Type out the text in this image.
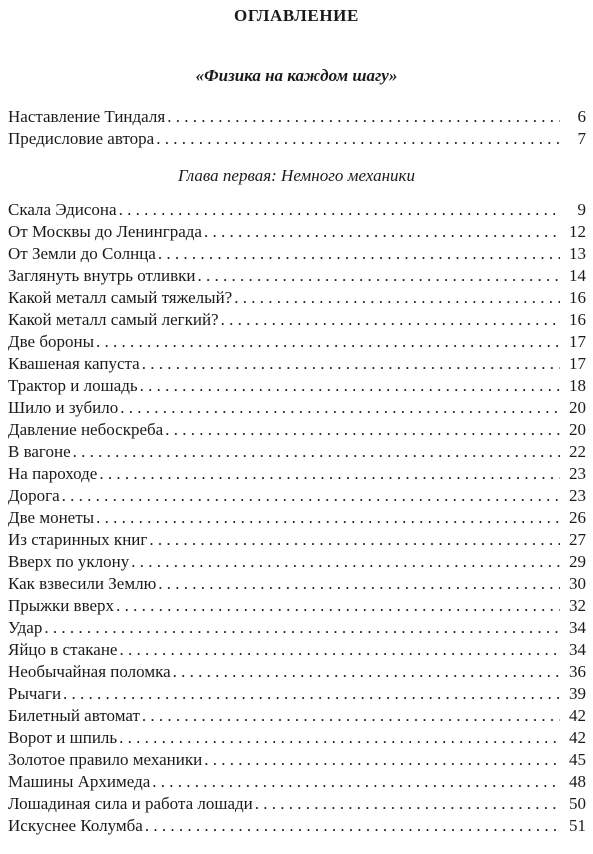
ОГЛАВЛЕНИЕ
«Физика на каждом шагу»
Наставление Тиндаля . . .	6
Предисловие автора . . .	7
Глава первая: Немного механики
Скала Эдисона . . .	9
От Москвы до Ленинграда . . .	12
От Земли до Солнца . . .	13
Заглянуть внутрь отливки . . .	14
Какой металл самый тяжелый? . . .	16
Какой металл самый легкий? . . .	16
Две бороны . . .	17
Квашеная капуста . . .	17
Трактор и лошадь . . .	18
Шило и зубило . . .	20
Давление небоскреба . . .	20
В вагоне . . .	22
На пароходе . . .	23
Дорога . . .	23
Две монеты . . .	26
Из старинных книг . . .	27
Вверх по уклону . . .	29
Как взвесили Землю . . .	30
Прыжки вверх . . .	32
Удар . . .	34
Яйцо в стакане . . .	34
Необычайная поломка . . .	36
Рычаги . . .	39
Билетный автомат . . .	42
Ворот и шпиль . . .	42
Золотое правило механики . . .	45
Машины Архимеда . . .	48
Лошадиная сила и работа лошади . . .	50
Искуснее Колумба . . .	51
